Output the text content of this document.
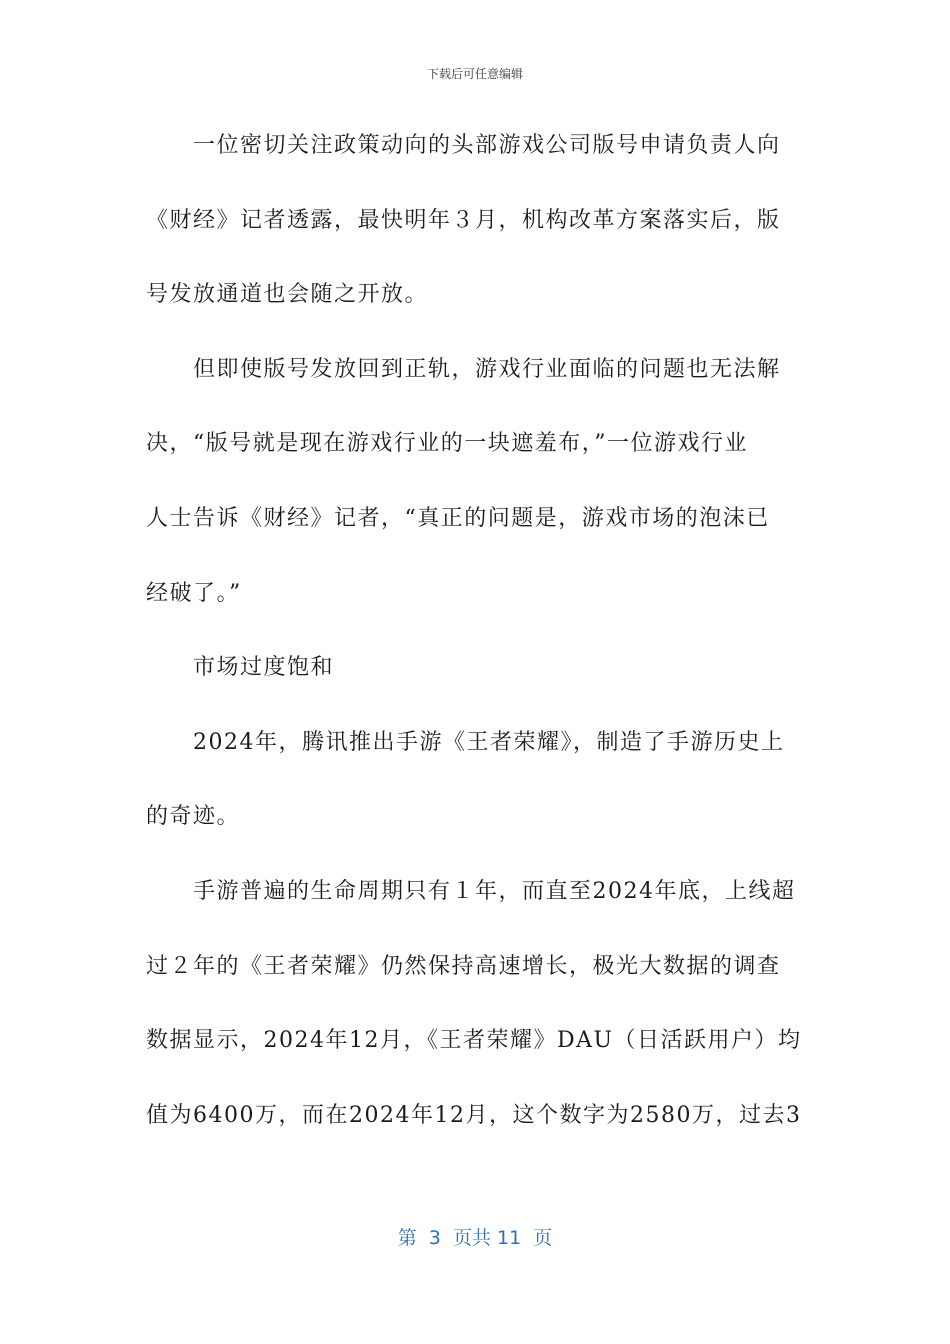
下载后可任意编辑
一位密切关注政策动向的头部游戏公司版号申请负责人向
《财经》记者透露，最快明年３月，机构改革方案落实后，版
号发放通道也会随之开放。
但即使版号发放回到正轨，游戏行业面临的问题也无法解
决，“版号就是现在游戏行业的一块遮羞布，”一位游戏行业
人士告诉《财经》记者，“真正的问题是，游戏市场的泡沫已
经破了。”
市场过度饱和
2024年，腾讯推出手游《王者荣耀》，制造了手游历史上
的奇迹。
手游普遍的生命周期只有１年，而直至2024年底，上线超
过２年的《王者荣耀》仍然保持高速增长，极光大数据的调查
数据显示，2024年12月，《王者荣耀》DAU（日活跃用户）均
值为6400万，而在2024年12月，这个数字为2580万，过去3
第  3  页共 11  页
